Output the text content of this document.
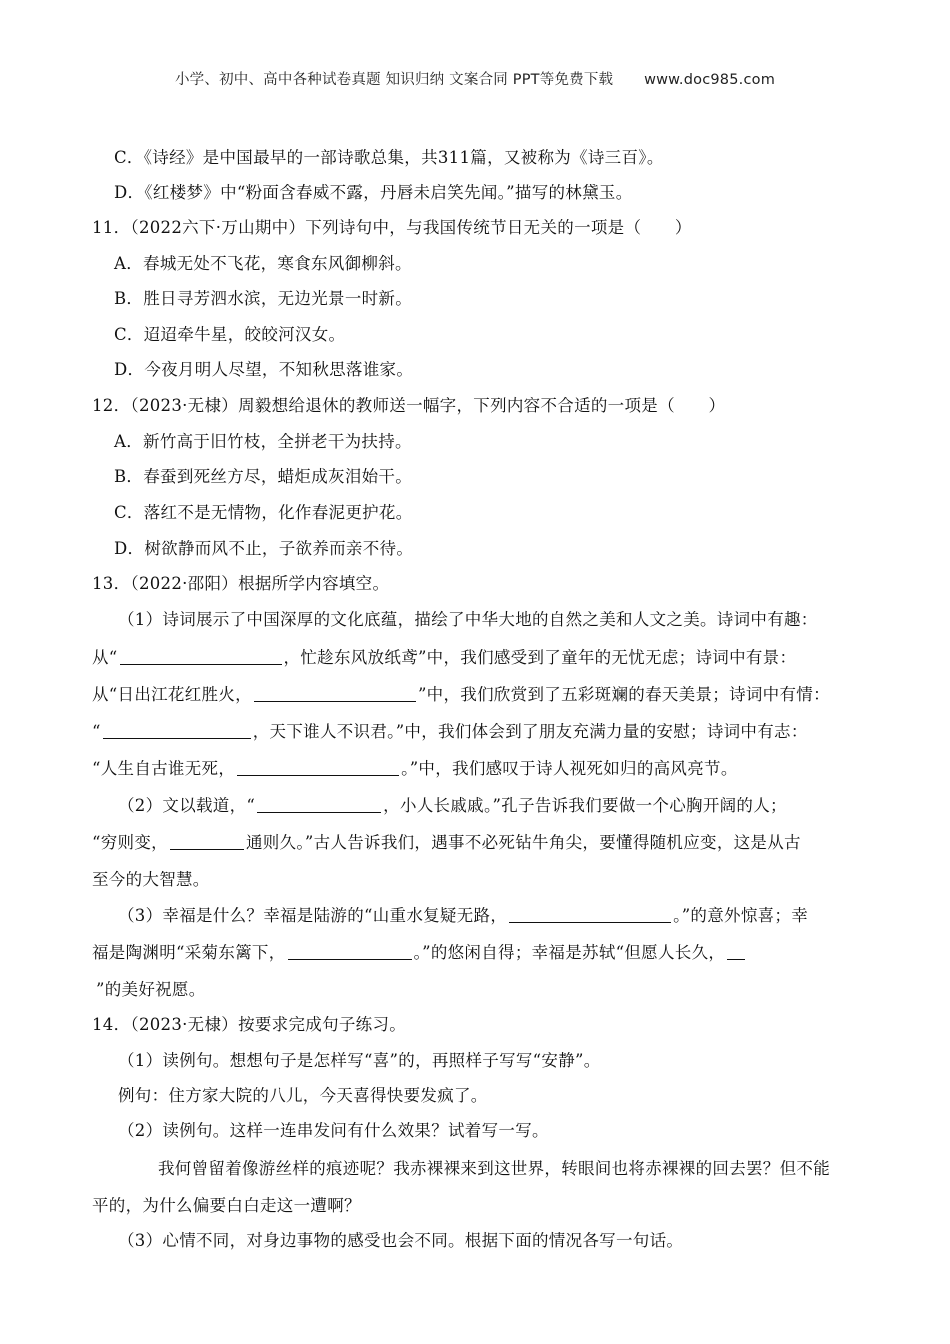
小学、初中、高中各种试卷真题 知识归纳 文案合同 PPT等免费下载 www.doc985.com
C．《诗经》是中国最早的一部诗歌总集，共311篇，又被称为《诗三百》。
D．《红楼梦》中“粉面含春威不露，丹唇未启笑先闻。”描写的林黛玉。
11．（2022六下·万山期中）下列诗句中，与我国传统节日无关的一项是（　　）
A．春城无处不飞花，寒食东风御柳斜。
B．胜日寻芳泗水滨，无边光景一时新。
C．迢迢牵牛星，皎皎河汉女。
D．今夜月明人尽望，不知秋思落谁家。
12．（2023·无棣）周毅想给退休的教师送一幅字，下列内容不合适的一项是（　　）
A．新竹高于旧竹枝，全拼老干为扶持。
B．春蚕到死丝方尽，蜡炬成灰泪始干。
C．落红不是无情物，化作春泥更护花。
D．树欲静而风不止，子欲养而亲不待。
13．（2022·邵阳）根据所学内容填空。
（1）诗词展示了中国深厚的文化底蕴，描绘了中华大地的自然之美和人文之美。诗词中有趣：
从“	，忙趁东风放纸鸢”中，我们感受到了童年的无忧无虑；诗词中有景：
从“日出江花红胜火，	”中，我们欣赏到了五彩斑斓的春天美景；诗词中有情：
“	，天下谁人不识君。”中，我们体会到了朋友充满力量的安慰；诗词中有志：
“人生自古谁无死，	。”中，我们感叹于诗人视死如归的高风亮节。
（2）文以载道，“	，小人长戚戚。”孔子告诉我们要做一个心胸开阔的人；
“穷则变，	通则久。”古人告诉我们，遇事不必死钻牛角尖，要懂得随机应变，这是从古
至今的大智慧。
（3）幸福是什么？幸福是陆游的“山重水复疑无路，	。”的意外惊喜；幸
福是陶渊明“采菊东篱下，	。”的悠闲自得；幸福是苏轼“但愿人长久，
”的美好祝愿。
14．（2023·无棣）按要求完成句子练习。
（1）读例句。想想句子是怎样写“喜”的，再照样子写写“安静”。
例句：住方家大院的八儿，今天喜得快要发疯了。
（2）读例句。这样一连串发问有什么效果？试着写一写。
我何曾留着像游丝样的痕迹呢？我赤裸裸来到这世界，转眼间也将赤裸裸的回去罢？但不能
平的，为什么偏要白白走这一遭啊？
（3）心情不同，对身边事物的感受也会不同。根据下面的情况各写一句话。
